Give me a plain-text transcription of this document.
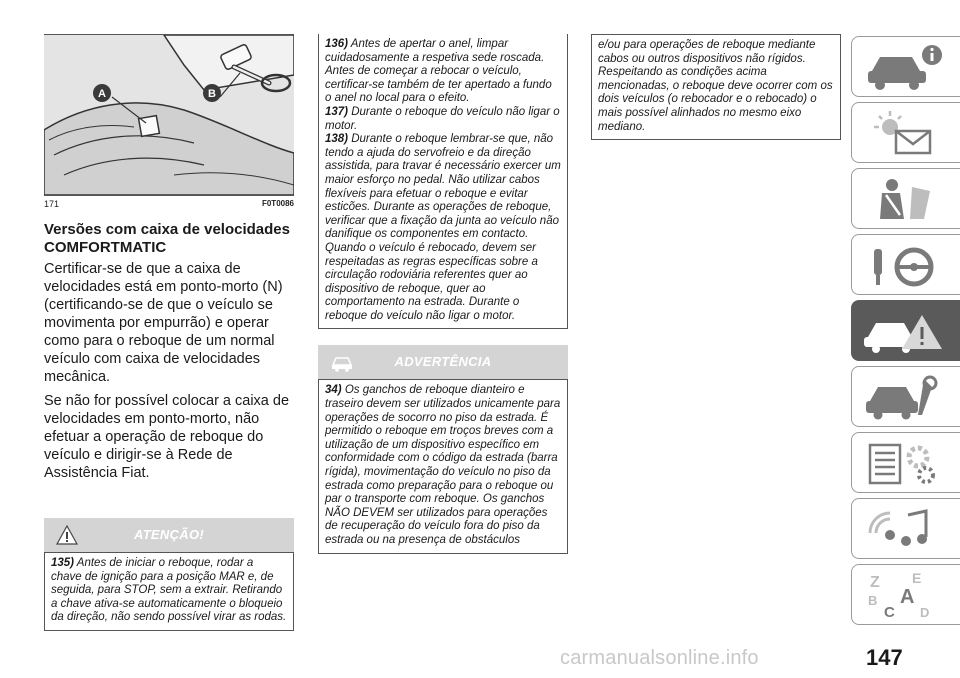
A	B
171	F0T0086
Versões com caixa de velocidades
COMFORTMATIC

Certificar-se de que a caixa de velocidades está em ponto-morto (N) (certificando-se de que o veículo se movimenta por empurrão) e operar como para o reboque de um normal veículo com caixa de velocidades mecânica.

Se não for possível colocar a caixa de velocidades em ponto-morto, não efetuar a operação de reboque do veículo e dirigir-se à Rede de Assistência Fiat.

ATENÇÃO!

135) Antes de iniciar o reboque, rodar a chave de ignição para a posição MAR e, de seguida, para STOP, sem a extrair. Retirando a chave ativa-se automaticamente o bloqueio da direção, não sendo possível virar as rodas.

136) Antes de apertar o anel, limpar cuidadosamente a respetiva sede roscada. Antes de começar a rebocar o veículo, certificar-se também de ter apertado a fundo o anel no local para o efeito.

137) Durante o reboque do veículo não ligar o motor.

138) Durante o reboque lembrar-se que, não tendo a ajuda do servofreio e da direção assistida, para travar é necessário exercer um maior esforço no pedal. Não utilizar cabos flexíveis para efetuar o reboque e evitar esticões. Durante as operações de reboque, verificar que a fixação da junta ao veículo não danifique os componentes em contacto. Quando o veículo é rebocado, devem ser respeitadas as regras específicas sobre a circulação rodoviária referentes quer ao dispositivo de reboque, quer ao comportamento na estrada. Durante o reboque do veículo não ligar o motor.

ADVERTÊNCIA

34) Os ganchos de reboque dianteiro e traseiro devem ser utilizados unicamente para operações de socorro no piso da estrada. É permitido o reboque em troços breves com a utilização de um dispositivo específico em conformidade com o código da estrada (barra rígida), movimentação do veículo no piso da estrada como preparação para o reboque ou par o transporte com reboque. Os ganchos NÃO DEVEM ser utilizados para operações de recuperação do veículo fora do piso da estrada ou na presença de obstáculos

e/ou para operações de reboque mediante cabos ou outros dispositivos não rígidos. Respeitando as condições acima mencionadas, o reboque deve ocorrer com os dois veículos (o rebocador e o rebocado) o mais possível alinhados no mesmo eixo mediano.

Z E
A
B
C D
carmanualsonline.info	147
